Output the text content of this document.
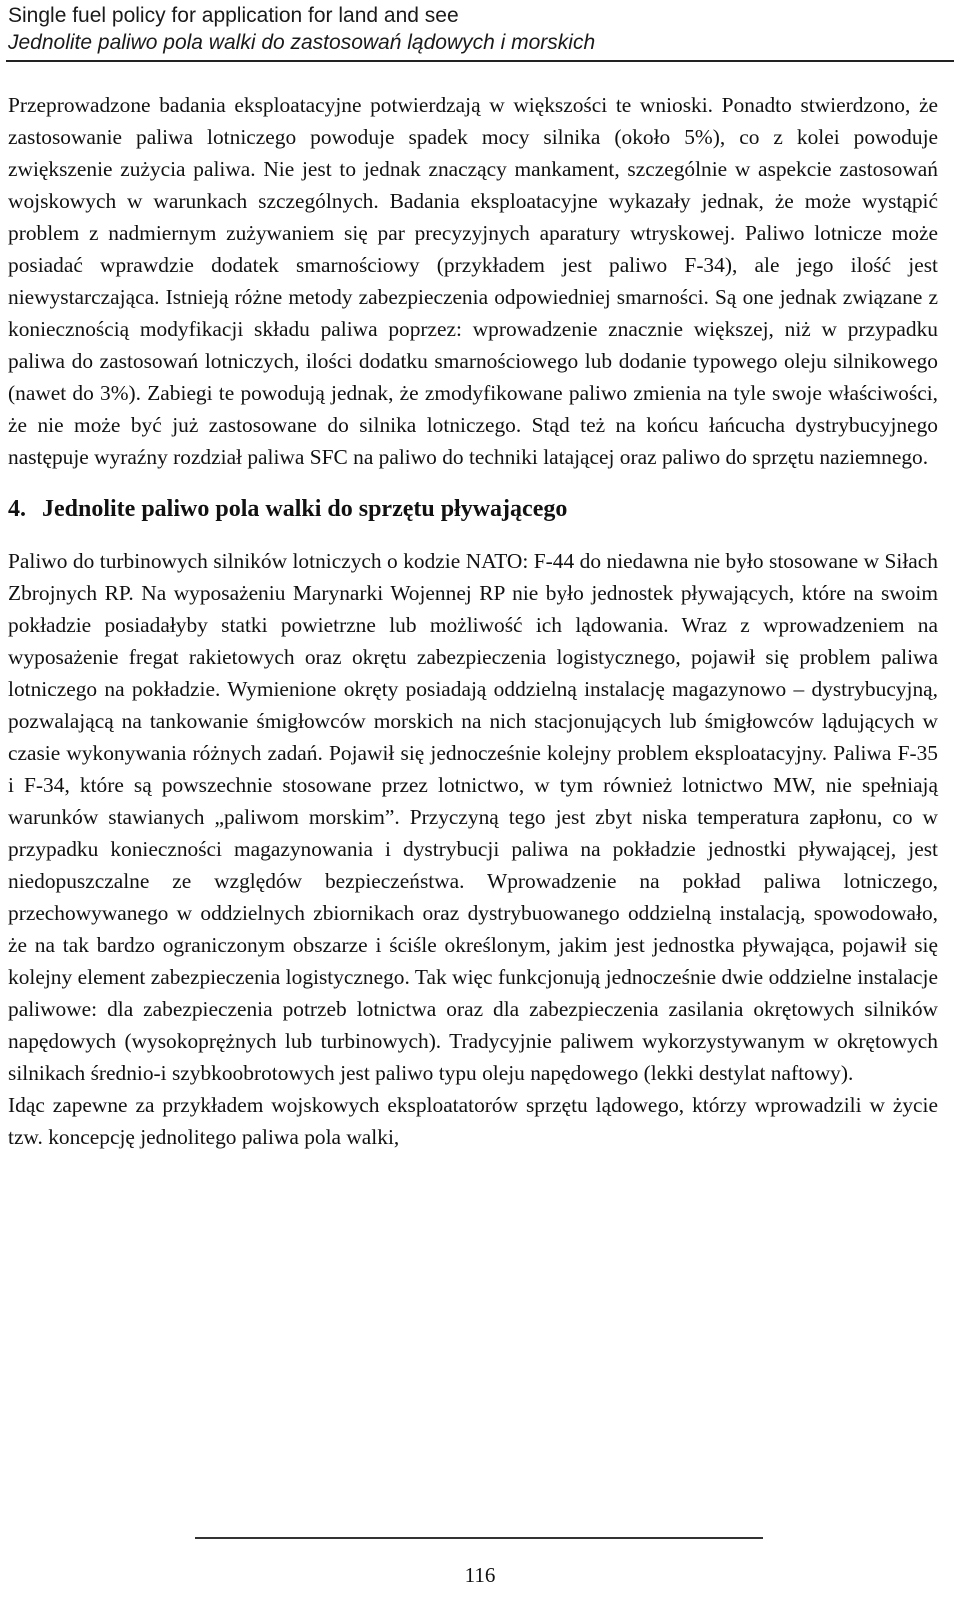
Single fuel policy for application for land and see
Jednolite paliwo pola walki do zastosowań lądowych i morskich

Przeprowadzone badania eksploatacyjne potwierdzają w większości te wnioski. Ponadto stwierdzono, że zastosowanie paliwa lotniczego powoduje spadek mocy silnika (około 5%), co z kolei powoduje zwiększenie zużycia paliwa. Nie jest to jednak znaczący mankament, szczególnie w aspekcie zastosowań wojskowych w warunkach szczególnych. Badania eksploatacyjne wykazały jednak, że może wystąpić problem z nadmiernym zużywaniem się par precyzyjnych aparatury wtryskowej. Paliwo lotnicze może posiadać wprawdzie dodatek smarnościowy (przykładem jest paliwo F-34), ale jego ilość jest niewystarczająca. Istnieją różne metody zabezpieczenia odpowiedniej smarności. Są one jednak związane z koniecznością modyfikacji składu paliwa poprzez: wprowadzenie znacznie większej, niż w przypadku paliwa do zastosowań lotniczych, ilości dodatku smarnościowego lub dodanie typowego oleju silnikowego (nawet do 3%). Zabiegi te powodują jednak, że zmodyfikowane paliwo zmienia na tyle swoje właściwości, że nie może być już zastosowane do silnika lotniczego. Stąd też na końcu łańcucha dystrybucyjnego następuje wyraźny rozdział paliwa SFC na paliwo do techniki latającej oraz paliwo do sprzętu naziemnego.

4. Jednolite paliwo pola walki do sprzętu pływającego

Paliwo do turbinowych silników lotniczych o kodzie NATO: F-44 do niedawna nie było stosowane w Siłach Zbrojnych RP. Na wyposażeniu Marynarki Wojennej RP nie było jednostek pływających, które na swoim pokładzie posiadałyby statki powietrzne lub możliwość ich lądowania. Wraz z wprowadzeniem na wyposażenie fregat rakietowych oraz okrętu zabezpieczenia logistycznego, pojawił się problem paliwa lotniczego na pokładzie. Wymienione okręty posiadają oddzielną instalację magazynowo – dystrybucyjną, pozwalającą na tankowanie śmigłowców morskich na nich stacjonujących lub śmigłowców lądujących w czasie wykonywania różnych zadań. Pojawił się jednocześnie kolejny problem eksploatacyjny. Paliwa F-35 i F-34, które są powszechnie stosowane przez lotnictwo, w tym również lotnictwo MW, nie spełniają warunków stawianych „paliwom morskim”. Przyczyną tego jest zbyt niska temperatura zapłonu, co w przypadku konieczności magazynowania i dystrybucji paliwa na pokładzie jednostki pływającej, jest niedopuszczalne ze względów bezpieczeństwa. Wprowadzenie na pokład paliwa lotniczego, przechowywanego w oddzielnych zbiornikach oraz dystrybuowanego oddzielną instalacją, spowodowało, że na tak bardzo ograniczonym obszarze i ściśle określonym, jakim jest jednostka pływająca, pojawił się kolejny element zabezpieczenia logistycznego. Tak więc funkcjonują jednocześnie dwie oddzielne instalacje paliwowe: dla zabezpieczenia potrzeb lotnictwa oraz dla zabezpieczenia zasilania okrętowych silników napędowych (wysokoprężnych lub turbinowych). Tradycyjnie paliwem wykorzystywanym w okrętowych silnikach średnio-i szybkoobrotowych jest paliwo typu oleju napędowego (lekki destylat naftowy).

Idąc zapewne za przykładem wojskowych eksploatatorów sprzętu lądowego, którzy wprowadzili w życie tzw. koncepcję jednolitego paliwa pola walki,

116
